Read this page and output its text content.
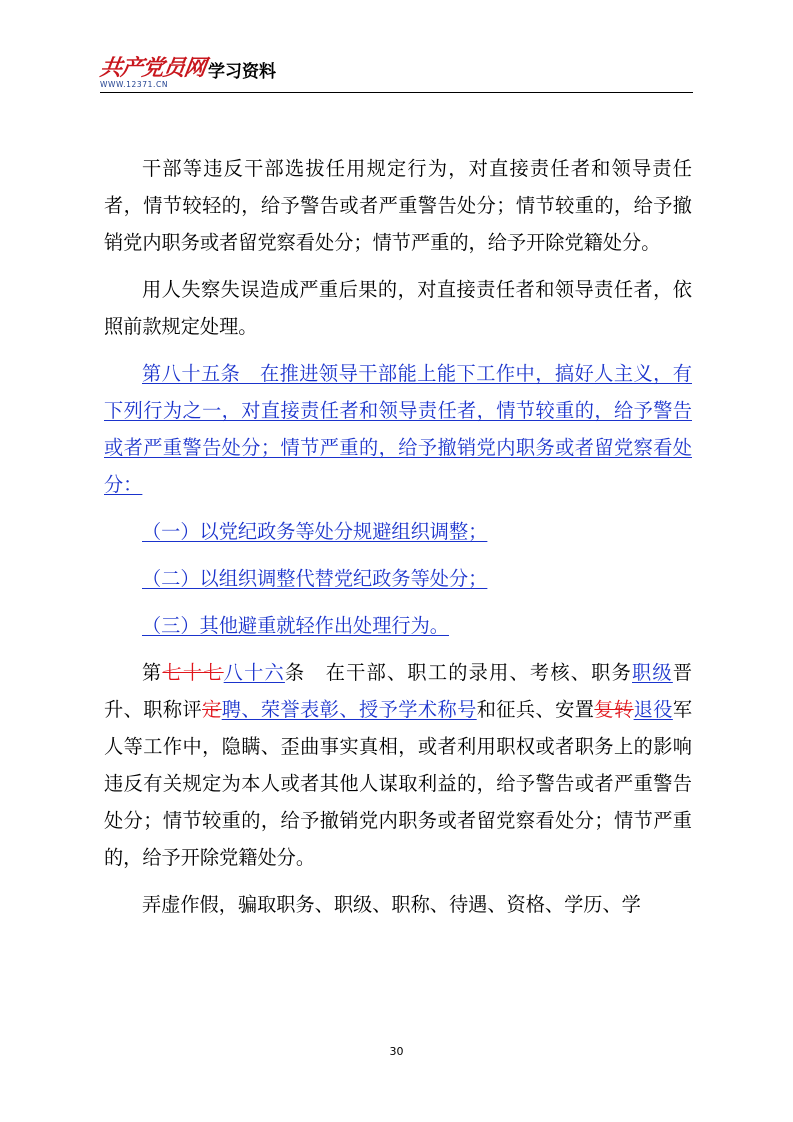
共产党员网
WWW.12371.CN
学习资料

干部等违反干部选拔任用规定行为，对直接责任者和领导责任者，情节较轻的，给予警告或者严重警告处分；情节较重的，给予撤销党内职务或者留党察看处分；情节严重的，给予开除党籍处分。

用人失察失误造成严重后果的，对直接责任者和领导责任者，依照前款规定处理。

第八十五条　在推进领导干部能上能下工作中，搞好人主义，有下列行为之一，对直接责任者和领导责任者，情节较重的，给予警告或者严重警告处分；情节严重的，给予撤销党内职务或者留党察看处分：

（一）以党纪政务等处分规避组织调整；

（二）以组织调整代替党纪政务等处分；

（三）其他避重就轻作出处理行为。

第七十七八十六条　在干部、职工的录用、考核、职务职级晋升、职称评定聘、荣誉表彰、授予学术称号和征兵、安置复转退役军人等工作中，隐瞒、歪曲事实真相，或者利用职权或者职务上的影响违反有关规定为本人或者其他人谋取利益的，给予警告或者严重警告处分；情节较重的，给予撤销党内职务或者留党察看处分；情节严重的，给予开除党籍处分。

弄虚作假，骗取职务、职级、职称、待遇、资格、学历、学

30
